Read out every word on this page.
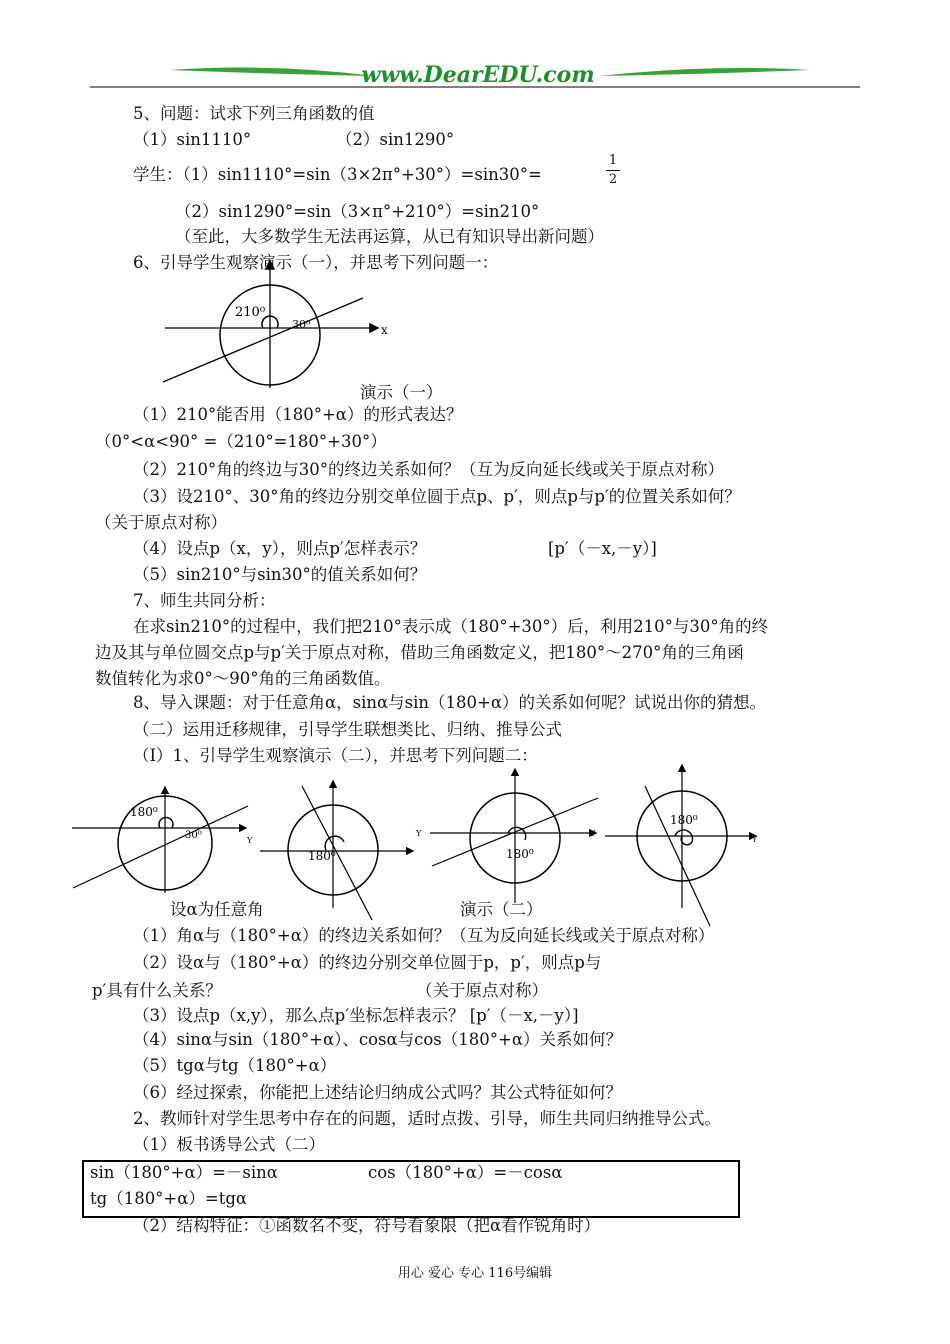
www.DearEDU.com
5、问题：试求下列三角函数的值
（1）sin1110°	（2）sin1290°
学生：（1）sin1110°=sin（3×2π°+30°）=sin30°=
1
2
（2）sin1290°=sin（3×π°+210°）=sin210°
（至此，大多数学生无法再运算，从已有知识导出新问题）
6、引导学生观察演示（一），并思考下列问题一：
210⁰
30⁰	x
演示（一）
（1）210°能否用（180°+α）的形式表达？
（0°<α<90° =（210°=180°+30°）
（2）210°角的终边与30°的终边关系如何？（互为反向延长线或关于原点对称）
（3）设210°、30°角的终边分别交单位圆于点p、p′，则点p与p′的位置关系如何？
（关于原点对称）
（4）设点p（x，y），则点p′怎样表示？	[p′（－x,－y）]
（5）sin210°与sin30°的值关系如何？
7、师生共同分析：
在求sin210°的过程中，我们把210°表示成（180°+30°）后，利用210°与30°角的终
边及其与单位圆交点p与p′关于原点对称，借助三角函数定义，把180°～270°角的三角函
数值转化为求0°～90°角的三角函数值。
8、导入课题：对于任意角α，sinα与sin（180+α）的关系如何呢？试说出你的猜想。
（二）运用迁移规律，引导学生联想类比、归纳、推导公式
（I）1、引导学生观察演示（二），并思考下列问题二：
180⁰
30⁰	Y
180⁰
Y
180⁰
Y
180⁰
Y
设α为任意角	演示（二）
（1）角α与（180°+α）的终边关系如何？（互为反向延长线或关于原点对称）
（2）设α与（180°+α）的终边分别交单位圆于p，p′，则点p与
p′具有什么关系？	（关于原点对称）
（3）设点p（x,y），那么点p′坐标怎样表示？ [p′（－x,－y）]
（4）sinα与sin（180°+α）、cosα与cos（180°+α）关系如何？
（5）tgα与tg（180°+α）
（6）经过探索，你能把上述结论归纳成公式吗？其公式特征如何？
2、教师针对学生思考中存在的问题，适时点拨、引导，师生共同归纳推导公式。
（1）板书诱导公式（二）
sin（180°+α）=－sinα	cos（180°+α）=－cosα
tg（180°+α）=tgα
（2）结构特征：①函数名不变，符号看象限（把α看作锐角时）
用心 爱心 专心 116号编辑
